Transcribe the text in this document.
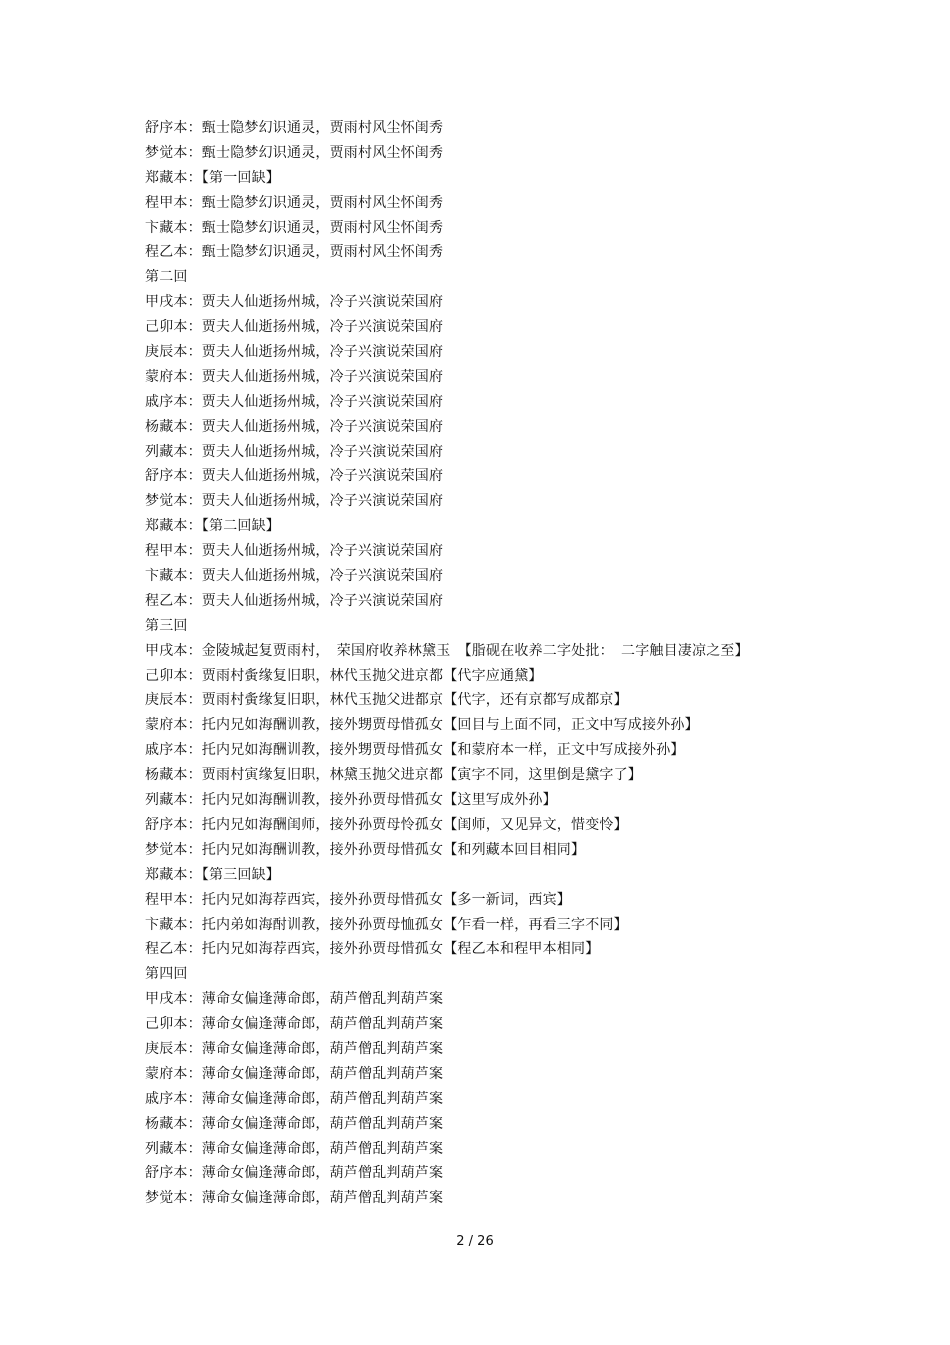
舒序本：甄士隐梦幻识通灵，贾雨村风尘怀闺秀
梦觉本：甄士隐梦幻识通灵，贾雨村风尘怀闺秀
郑藏本：【第一回缺】
程甲本：甄士隐梦幻识通灵，贾雨村风尘怀闺秀
卞藏本：甄士隐梦幻识通灵，贾雨村风尘怀闺秀
程乙本：甄士隐梦幻识通灵，贾雨村风尘怀闺秀
第二回
甲戌本：贾夫人仙逝扬州城，冷子兴演说荣国府
己卯本：贾夫人仙逝扬州城，冷子兴演说荣国府
庚辰本：贾夫人仙逝扬州城，冷子兴演说荣国府
蒙府本：贾夫人仙逝扬州城，冷子兴演说荣国府
戚序本：贾夫人仙逝扬州城，冷子兴演说荣国府
杨藏本：贾夫人仙逝扬州城，冷子兴演说荣国府
列藏本：贾夫人仙逝扬州城，冷子兴演说荣国府
舒序本：贾夫人仙逝扬州城，冷子兴演说荣国府
梦觉本：贾夫人仙逝扬州城，冷子兴演说荣国府
郑藏本：【第二回缺】
程甲本：贾夫人仙逝扬州城，冷子兴演说荣国府
卞藏本：贾夫人仙逝扬州城，冷子兴演说荣国府
程乙本：贾夫人仙逝扬州城，冷子兴演说荣国府
第三回
甲戌本：金陵城起复贾雨村，　荣国府收养林黛玉　【脂砚在收养二字处批：　二字触目凄凉之至】
己卯本：贾雨村夤缘复旧职，林代玉抛父进京都【代字应通黛】
庚辰本：贾雨村夤缘复旧职，林代玉抛父进都京【代字，还有京都写成都京】
蒙府本：托内兄如海酬训教，接外甥贾母惜孤女【回目与上面不同，正文中写成接外孙】
戚序本：托内兄如海酬训教，接外甥贾母惜孤女【和蒙府本一样，正文中写成接外孙】
杨藏本：贾雨村寅缘复旧职，林黛玉抛父进京都【寅字不同，这里倒是黛字了】
列藏本：托内兄如海酬训教，接外孙贾母惜孤女【这里写成外孙】
舒序本：托内兄如海酬闺师，接外孙贾母怜孤女【闺师，又见异文，惜变怜】
梦觉本：托内兄如海酬训教，接外孙贾母惜孤女【和列藏本回目相同】
郑藏本：【第三回缺】
程甲本：托内兄如海荐西宾，接外孙贾母惜孤女【多一新词，西宾】
卞藏本：托内弟如海酎训教，接外孙贾母恤孤女【乍看一样，再看三字不同】
程乙本：托内兄如海荐西宾，接外孙贾母惜孤女【程乙本和程甲本相同】
第四回
甲戌本：薄命女偏逢薄命郎，葫芦僧乱判葫芦案
己卯本：薄命女偏逢薄命郎，葫芦僧乱判葫芦案
庚辰本：薄命女偏逢薄命郎，葫芦僧乱判葫芦案
蒙府本：薄命女偏逢薄命郎，葫芦僧乱判葫芦案
戚序本：薄命女偏逢薄命郎，葫芦僧乱判葫芦案
杨藏本：薄命女偏逢薄命郎，葫芦僧乱判葫芦案
列藏本：薄命女偏逢薄命郎，葫芦僧乱判葫芦案
舒序本：薄命女偏逢薄命郎，葫芦僧乱判葫芦案
梦觉本：薄命女偏逢薄命郎，葫芦僧乱判葫芦案
2 / 26
